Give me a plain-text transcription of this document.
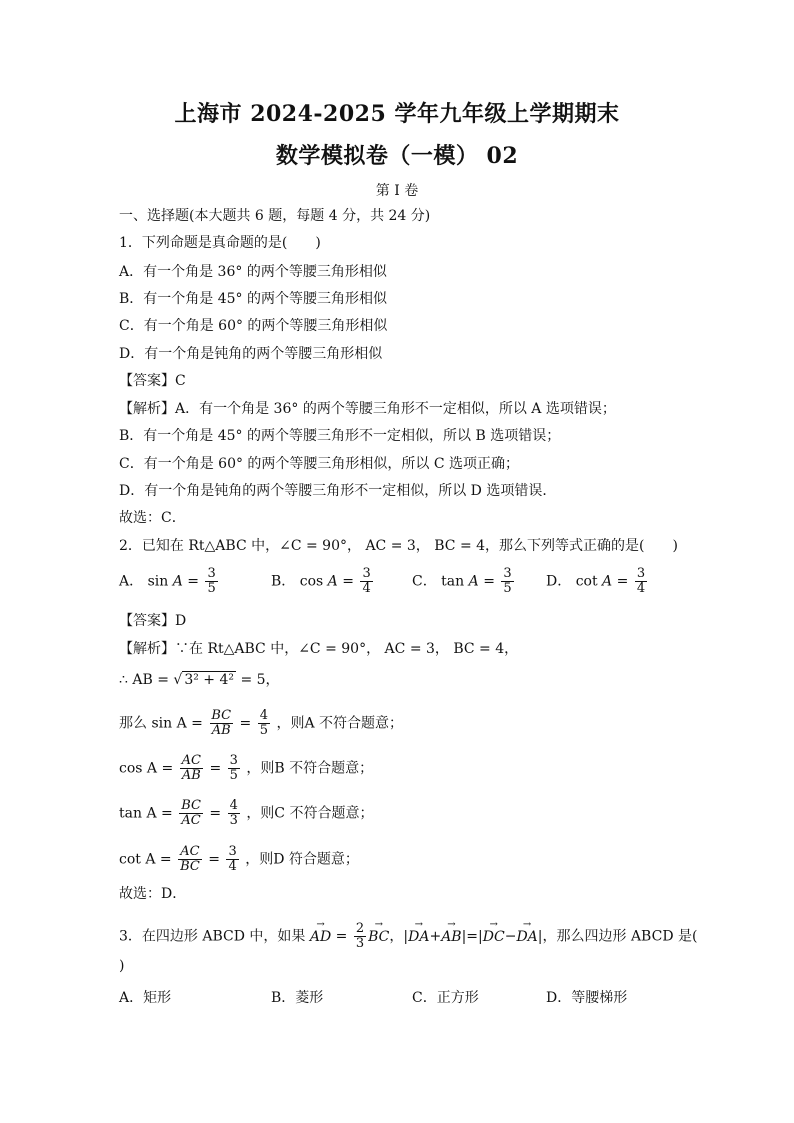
上海市 2024-2025 学年九年级上学期期末
数学模拟卷（一模） 02
第 I 卷
一、选择题(本大题共 6 题，每题 4 分，共 24 分)
1．下列命题是真命题的是(　　)
A．有一个角是 36° 的两个等腰三角形相似
B．有一个角是 45° 的两个等腰三角形相似
C．有一个角是 60° 的两个等腰三角形相似
D．有一个角是钝角的两个等腰三角形相似
【答案】C
【解析】A．有一个角是 36° 的两个等腰三角形不一定相似，所以 A 选项错误；
B．有一个角是 45° 的两个等腰三角形不一定相似，所以 B 选项错误；
C．有一个角是 60° 的两个等腰三角形相似，所以 C 选项正确；
D．有一个角是钝角的两个等腰三角形不一定相似，所以 D 选项错误．
故选：C．
2．已知在 Rt△ABC 中，∠C = 90°， AC = 3， BC = 4，那么下列等式正确的是(　　)
A． $\sin A = \frac{3}{5}$	B． $\cos A = \frac{3}{4}$	C． $\tan A = \frac{3}{5}$ D． $\cot A = \frac{3}{4}$
【答案】D
【解析】∵在 Rt△ABC 中，∠C = 90°， AC = 3， BC = 4，
∴ AB = √ 3² + 4² = 5，
那么 $\sin A = \frac{BC}{AB} = \frac{4}{5}$ ，则A 不符合题意；
$\cos A = \frac{AC}{AB} = \frac{3}{5}$ ，则B 不符合题意；
$\tan A = \frac{BC}{AC} = \frac{4}{3}$ ，则C 不符合题意；
$\cot A = \frac{AC}{BC} = \frac{3}{4}$ ，则D 符合题意；
故选：D．
3．在四边形 ABCD 中，如果 → AD = $\frac{2}{3}$ → BC，|→ DA+→ AB|=|→ DC−→ DA|，那么四边形 ABCD 是(
)
A．矩形	B．菱形	C．正方形	D．等腰梯形
